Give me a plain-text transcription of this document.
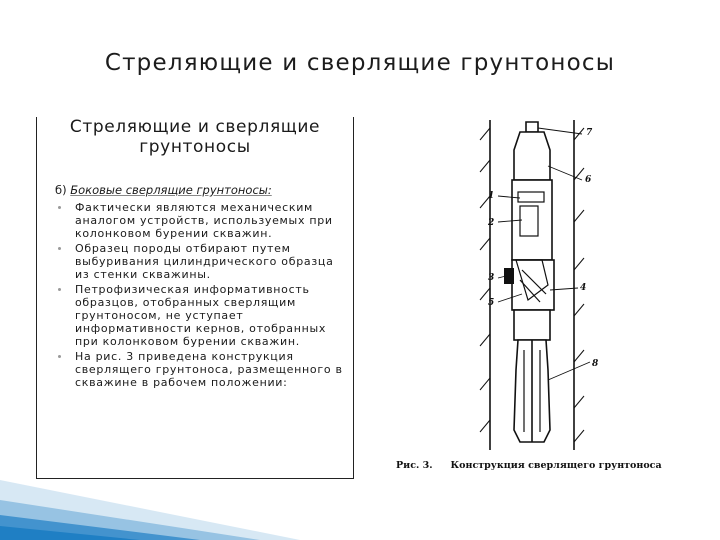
Стреляющие и сверлящие грунтоносы
Стреляющие и сверлящие
грунтоносы
б) Боковые сверлящие грунтоносы:
Фактически являются механическим аналогом устройств, используемых при колонковом бурении скважин.
Образец породы отбирают путем выбуривания цилиндрического образца из стенки скважины.
Петрофизическая информативность образцов, отобранных сверлящим грунтоносом, не уступает информативности кернов, отобранных при колонковом бурении скважин.
На рис. 3 приведена конструкция сверлящего грунтоноса, размещенного в скважине в рабочем положении:
7
6
1
2
3
5
4
8
Рис. 3. Конструкция сверлящего грунтоноса
